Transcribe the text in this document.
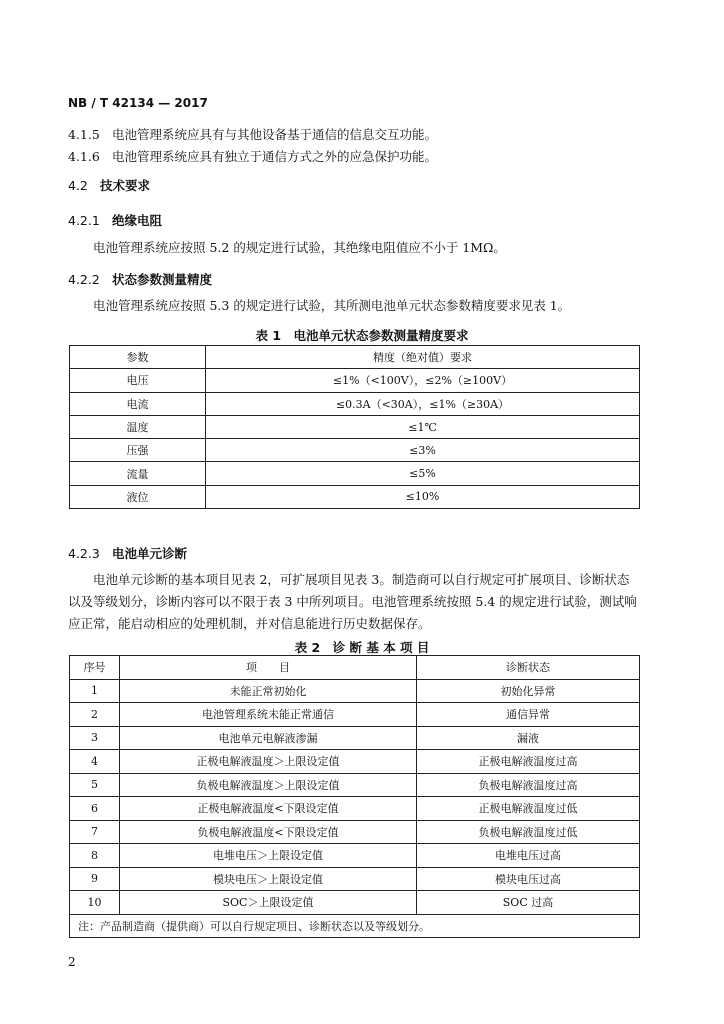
NB / T 42134 — 2017
4.1.5 电池管理系统应具有与其他设备基于通信的信息交互功能。
4.1.6 电池管理系统应具有独立于通信方式之外的应急保护功能。
4.2 技术要求
4.2.1 绝缘电阻
电池管理系统应按照 5.2 的规定进行试验，其绝缘电阻值应不小于 1MΩ。
4.2.2 状态参数测量精度
电池管理系统应按照 5.3 的规定进行试验，其所测电池单元状态参数精度要求见表 1。
表 1　电池单元状态参数测量精度要求
参数	精度（绝对值）要求
电压	≤1%（<100V），≤2%（≥100V）
电流	≤0.3A（<30A），≤1%（≥30A）
温度	≤1℃
压强	≤3%
流量	≤5%
液位	≤10%
4.2.3 电池单元诊断
电池单元诊断的基本项目见表 2，可扩展项目见表 3。制造商可以自行规定可扩展项目、诊断状态
以及等级划分，诊断内容可以不限于表 3 中所列项目。电池管理系统按照 5.4 的规定进行试验，测试响
应正常，能启动相应的处理机制，并对信息能进行历史数据保存。
表 2　诊 断 基 本 项 目
序号	项　　目	诊断状态
1	未能正常初始化	初始化异常
2	电池管理系统未能正常通信	通信异常
3	电池单元电解液渗漏	漏液
4	正极电解液温度＞上限设定值	正极电解液温度过高
5	负极电解液温度＞上限设定值	负极电解液温度过高
6	正极电解液温度<下限设定值	正极电解液温度过低
7	负极电解液温度<下限设定值	负极电解液温度过低
8	电堆电压＞上限设定值	电堆电压过高
9	模块电压＞上限设定值	模块电压过高
10	SOC＞上限设定值	SOC 过高
注：产品制造商（提供商）可以自行规定项目、诊断状态以及等级划分。		
2
